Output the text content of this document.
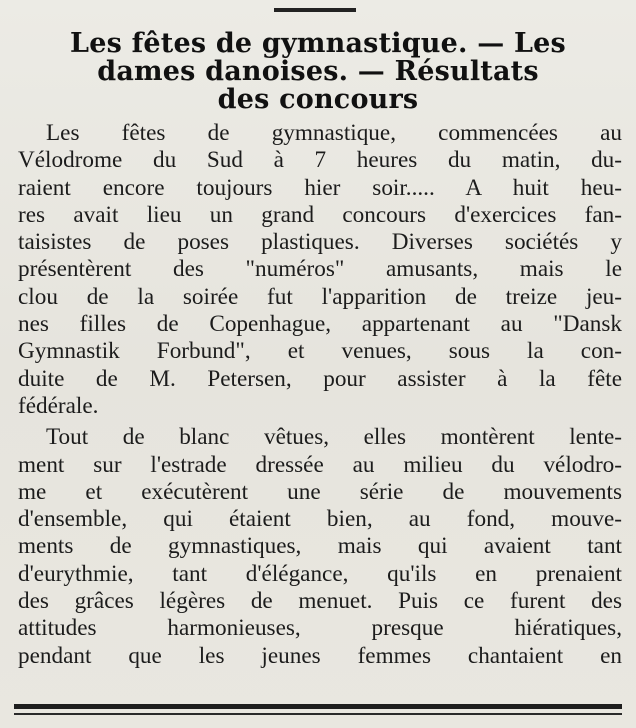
Les fêtes de gymnastique. — Les
dames danoises. — Résultats
des concours

Les fêtes de gymnastique, commencées au
Vélodrome du Sud à 7 heures du matin, du-
raient encore toujours hier soir..... A huit heu-
res avait lieu un grand concours d'exercices fan-
taisistes de poses plastiques. Diverses sociétés y
présentèrent des "numéros" amusants, mais le
clou de la soirée fut l'apparition de treize jeu-
nes filles de Copenhague, appartenant au "Dansk
Gymnastik Forbund", et venues, sous la con-
duite de M. Petersen, pour assister à la fête
fédérale.

Tout de blanc vêtues, elles montèrent lente-
ment sur l'estrade dressée au milieu du vélodro-
me et exécutèrent une série de mouvements
d'ensemble, qui étaient bien, au fond, mouve-
ments de gymnastiques, mais qui avaient tant
d'eurythmie, tant d'élégance, qu'ils en prenaient
des grâces légères de menuet. Puis ce furent des
attitudes harmonieuses, presque hiératiques,
pendant que les jeunes femmes chantaient en
